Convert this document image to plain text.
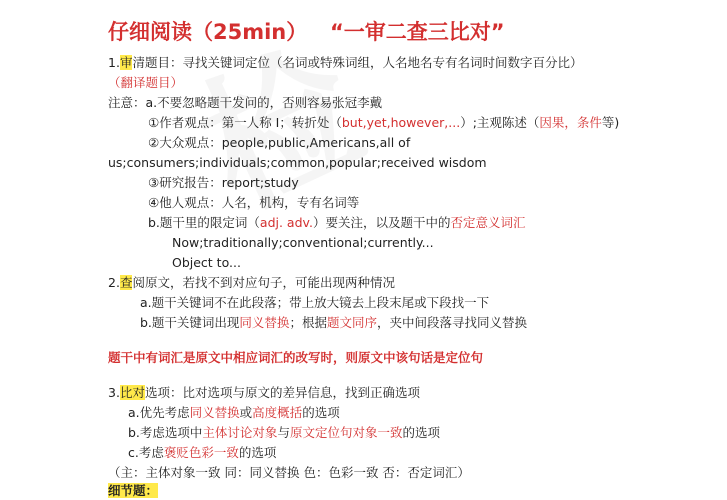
仔细阅读（25min） “一审二查三比对”
1.审清题目：寻找关键词定位（名词或特殊词组，人名地名专有名词时间数字百分比）
（翻译题目）
注意：a.不要忽略题干发问的，否则容易张冠李戴
①作者观点：第一人称 I；转折处（but,yet,however,...）;主观陈述（因果，条件等)
②大众观点：people,public,Americans,all of
us;consumers;individuals;common,popular;received wisdom
③研究报告：report;study
④他人观点：人名，机构，专有名词等
b.题干里的限定词（adj. adv.）要关注，以及题干中的否定意义词汇
Now;traditionally;conventional;currently...
Object to...
2.查阅原文，若找不到对应句子，可能出现两种情况
a.题干关键词不在此段落；带上放大镜去上段末尾或下段找一下
b.题干关键词出现同义替换；根据题文同序，夹中间段落寻找同义替换
题干中有词汇是原文中相应词汇的改写时，则原文中该句话是定位句
3.比对选项：比对选项与原文的差异信息，找到正确选项
a.优先考虑同义替换或高度概括的选项
b.考虑选项中主体讨论对象与原文定位句对象一致的选项
c.考虑褒贬色彩一致的选项
（主：主体对象一致 同：同义替换 色：色彩一致 否：否定词汇）
细节题：
